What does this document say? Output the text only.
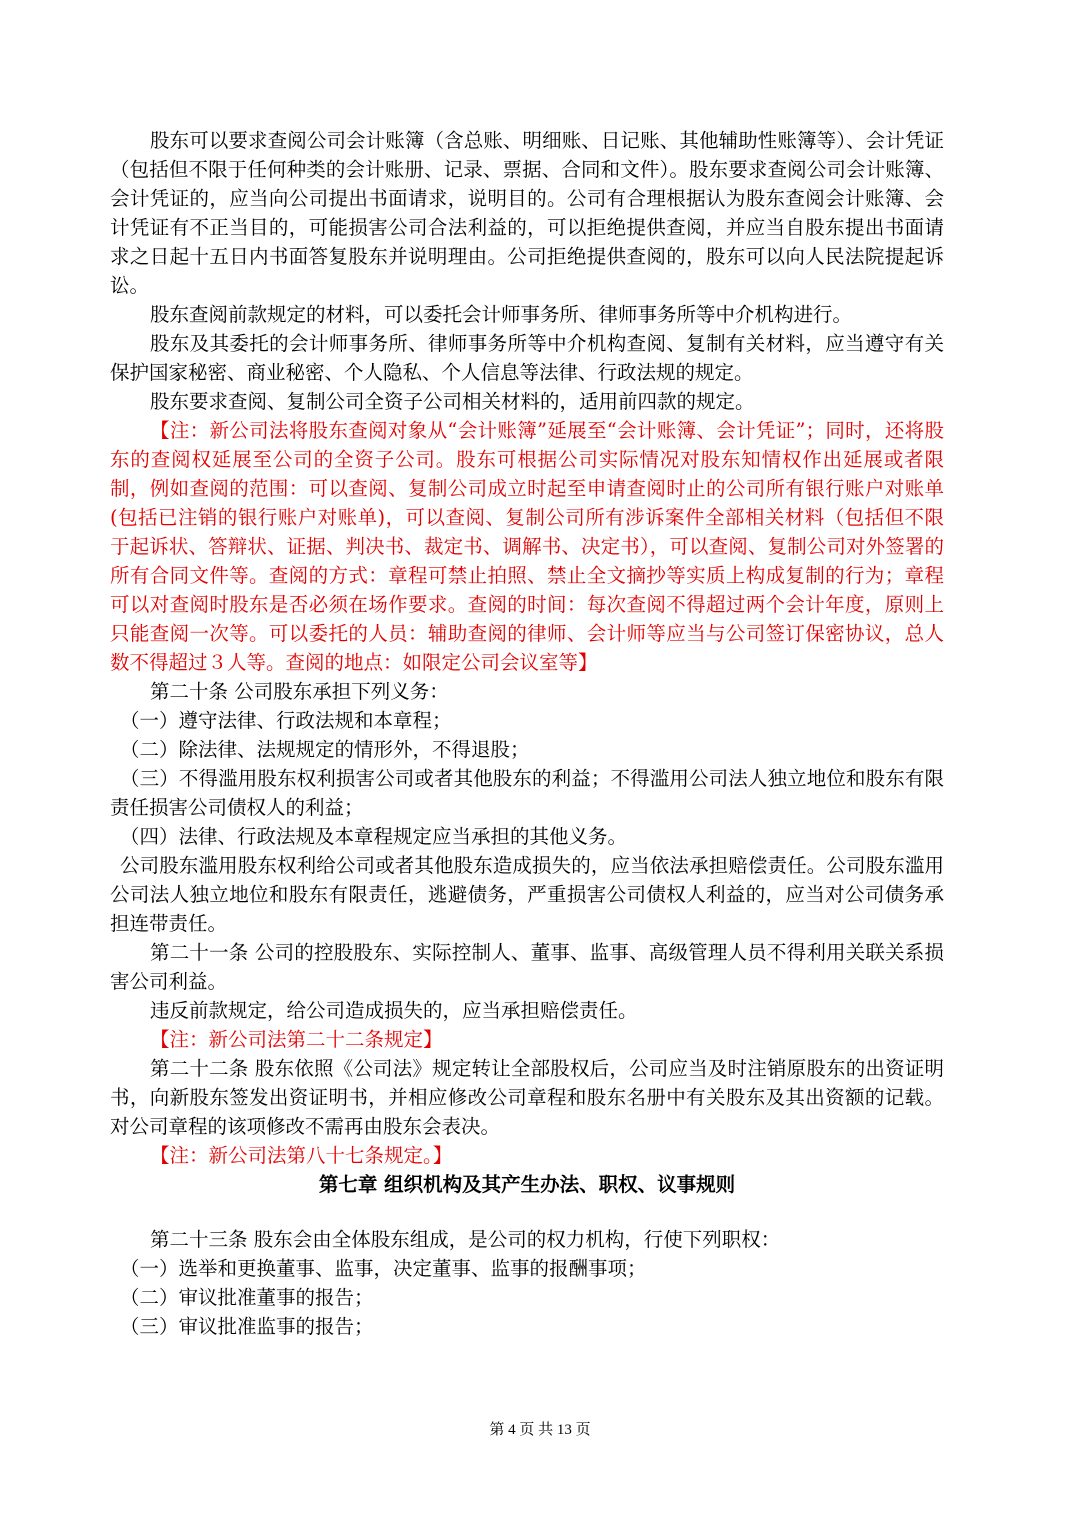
股东可以要求查阅公司会计账簿（含总账、明细账、日记账、其他辅助性账簿等）、会计凭证（包括但不限于任何种类的会计账册、记录、票据、合同和文件）。股东要求查阅公司会计账簿、会计凭证的，应当向公司提出书面请求，说明目的。公司有合理根据认为股东查阅会计账簿、会计凭证有不正当目的，可能损害公司合法利益的，可以拒绝提供查阅，并应当自股东提出书面请求之日起十五日内书面答复股东并说明理由。公司拒绝提供查阅的，股东可以向人民法院提起诉讼。

股东查阅前款规定的材料，可以委托会计师事务所、律师事务所等中介机构进行。

股东及其委托的会计师事务所、律师事务所等中介机构查阅、复制有关材料，应当遵守有关保护国家秘密、商业秘密、个人隐私、个人信息等法律、行政法规的规定。

股东要求查阅、复制公司全资子公司相关材料的，适用前四款的规定。

【注：新公司法将股东查阅对象从“会计账簿”延展至“会计账簿、会计凭证”；同时，还将股东的查阅权延展至公司的全资子公司。股东可根据公司实际情况对股东知情权作出延展或者限制，例如查阅的范围：可以查阅、复制公司成立时起至申请查阅时止的公司所有银行账户对账单(包括已注销的银行账户对账单)，可以查阅、复制公司所有涉诉案件全部相关材料（包括但不限于起诉状、答辩状、证据、判决书、裁定书、调解书、决定书），可以查阅、复制公司对外签署的所有合同文件等。查阅的方式：章程可禁止拍照、禁止全文摘抄等实质上构成复制的行为；章程可以对查阅时股东是否必须在场作要求。查阅的时间：每次查阅不得超过两个会计年度，原则上只能查阅一次等。可以委托的人员：辅助查阅的律师、会计师等应当与公司签订保密协议，总人数不得超过３人等。查阅的地点：如限定公司会议室等】

第二十条 公司股东承担下列义务：

（一）遵守法律、行政法规和本章程；

（二）除法律、法规规定的情形外，不得退股；

（三）不得滥用股东权利损害公司或者其他股东的利益；不得滥用公司法人独立地位和股东有限责任损害公司债权人的利益；

（四）法律、行政法规及本章程规定应当承担的其他义务。

公司股东滥用股东权利给公司或者其他股东造成损失的，应当依法承担赔偿责任。公司股东滥用公司法人独立地位和股东有限责任，逃避债务，严重损害公司债权人利益的，应当对公司债务承担连带责任。

第二十一条 公司的控股股东、实际控制人、董事、监事、高级管理人员不得利用关联关系损害公司利益。

违反前款规定，给公司造成损失的，应当承担赔偿责任。

【注：新公司法第二十二条规定】

第二十二条 股东依照《公司法》规定转让全部股权后，公司应当及时注销原股东的出资证明书，向新股东签发出资证明书，并相应修改公司章程和股东名册中有关股东及其出资额的记载。对公司章程的该项修改不需再由股东会表决。

【注：新公司法第八十七条规定。】

第七章 组织机构及其产生办法、职权、议事规则

第二十三条 股东会由全体股东组成，是公司的权力机构，行使下列职权：

（一）选举和更换董事、监事，决定董事、监事的报酬事项；

（二）审议批准董事的报告；

（三）审议批准监事的报告；

第 4 页 共 13 页
